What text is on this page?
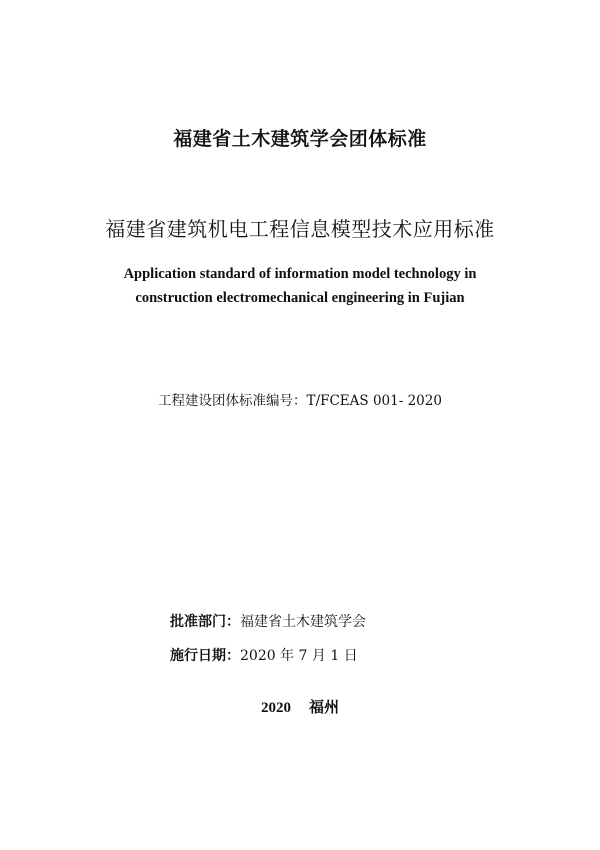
福建省土木建筑学会团体标准
福建省建筑机电工程信息模型技术应用标准
Application standard of information model technology in
construction electromechanical engineering in Fujian
工程建设团体标准编号：T/FCEAS 001- 2020
批准部门：福建省土木建筑学会
施行日期：2020 年 7 月 1 日
2020 福州
